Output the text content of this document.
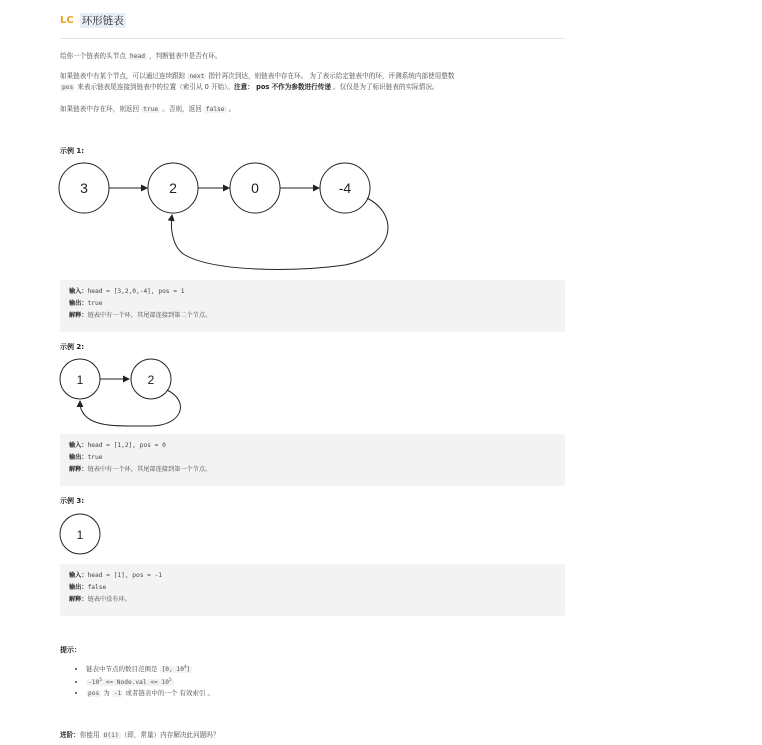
LC 环形链表
给你一个链表的头节点 head ，判断链表中是否有环。
如果链表中有某个节点，可以通过连续跟踪 next 指针再次到达，则链表中存在环。 为了表示给定链表中的环，评测系统内部使用整数
pos 来表示链表尾连接到链表中的位置（索引从 0 开始）。注意： pos 不作为参数进行传递 。仅仅是为了标识链表的实际情况。
如果链表中存在环，则返回 true 。否则，返回 false 。
示例 1:
3	2	0	-4
输入：head = [3,2,0,-4], pos = 1
输出：true
解释：链表中有一个环，其尾部连接到第二个节点。
示例 2:
1	2
输入：head = [1,2], pos = 0
输出：true
解释：链表中有一个环，其尾部连接到第一个节点。
示例 3:
1
输入：head = [1], pos = -1
输出：false
解释：链表中没有环。
提示：
• 链表中节点的数目范围是 [0, $10^4$]
• $-10^5$ <= Node.val <= $10^5$
• pos 为 -1 或者链表中的一个 有效索引 。
进阶：你能用 O(1) （即，常量）内存解决此问题吗？
